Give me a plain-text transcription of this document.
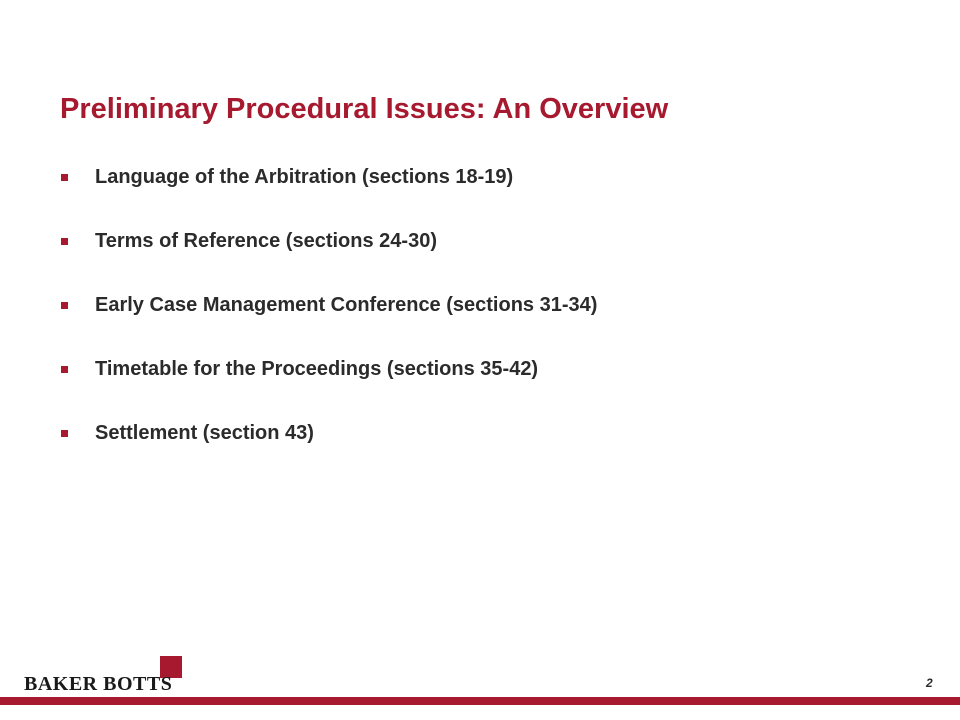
Preliminary Procedural Issues: An Overview
Language of the Arbitration (sections 18-19)
Terms of Reference (sections 24-30)
Early Case Management Conference (sections 31-34)
Timetable for the Proceedings (sections 35-42)
Settlement (section 43)
BAKER BOTTS	2
